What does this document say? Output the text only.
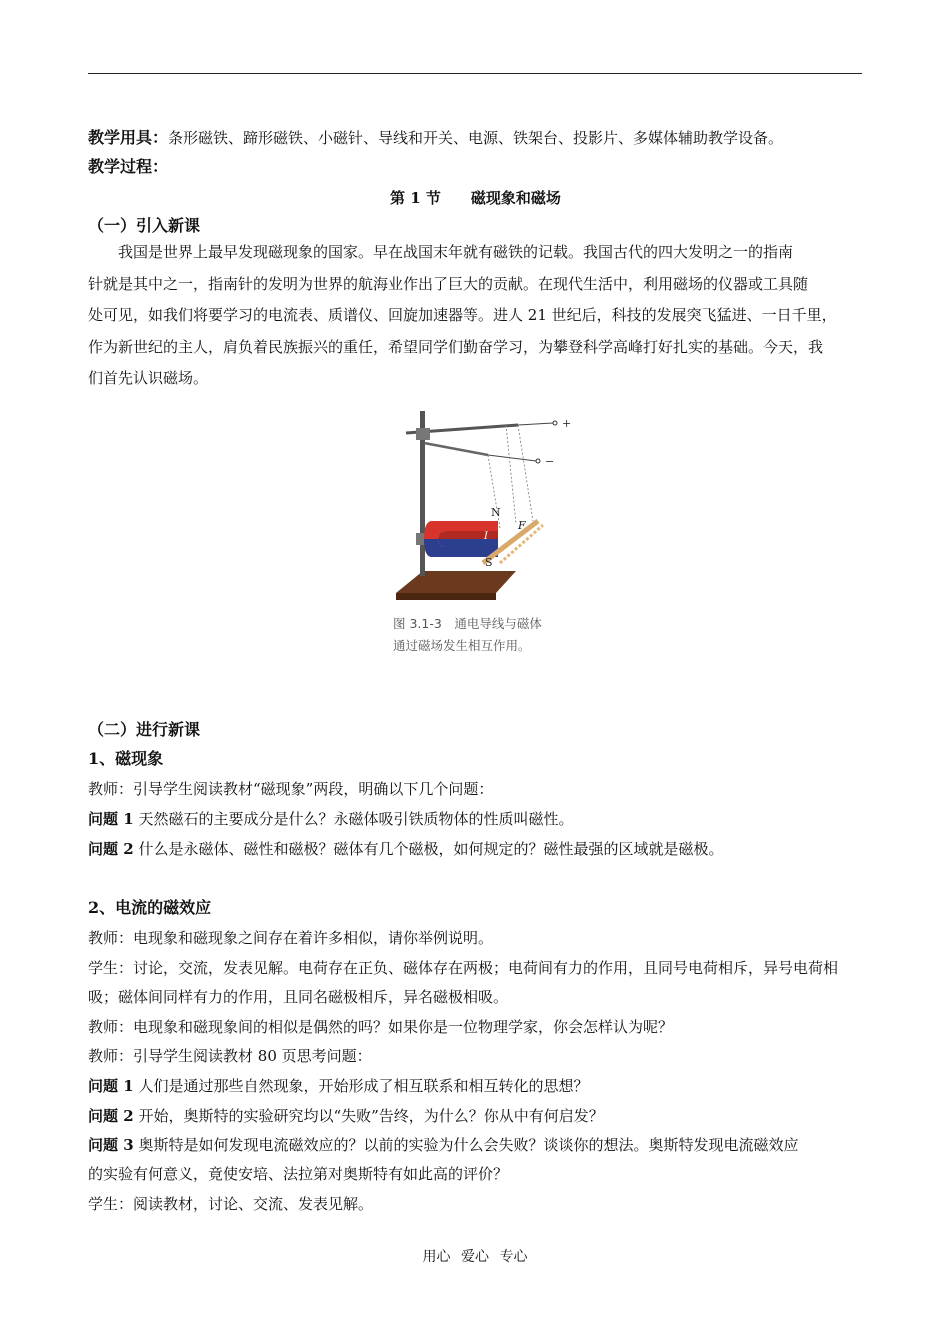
教学用具：条形磁铁、蹄形磁铁、小磁针、导线和开关、电源、铁架台、投影片、多媒体辅助教学设备。
教学过程：
第 1 节　　磁现象和磁场
（一）引入新课
我国是世界上最早发现磁现象的国家。早在战国末年就有磁铁的记载。我国古代的四大发明之一的指南
针就是其中之一，指南针的发明为世界的航海业作出了巨大的贡献。在现代生活中，利用磁场的仪器或工具随
处可见，如我们将要学习的电流表、质谱仪、回旋加速器等。进人 21 世纪后，科技的发展突飞猛进、一日千里，
作为新世纪的主人，肩负着民族振兴的重任，希望同学们勤奋学习，为攀登科学高峰打好扎实的基础。今天，我
们首先认识磁场。
+
−
N
S
F
I
图 3.1-3　通电导线与磁体
通过磁场发生相互作用。
（二）进行新课
1、磁现象
教师：引导学生阅读教材“磁现象”两段，明确以下几个问题：
问题 1 天然磁石的主要成分是什么？永磁体吸引铁质物体的性质叫磁性。
问题 2 什么是永磁体、磁性和磁极？磁体有几个磁极，如何规定的？磁性最强的区域就是磁极。
2、电流的磁效应
教师：电现象和磁现象之间存在着许多相似，请你举例说明。
学生：讨论，交流，发表见解。电荷存在正负、磁体存在两极；电荷间有力的作用，且同号电荷相斥，异号电荷相
吸；磁体间同样有力的作用，且同名磁极相斥，异名磁极相吸。
教师：电现象和磁现象间的相似是偶然的吗？如果你是一位物理学家，你会怎样认为呢？
教师：引导学生阅读教材 80 页思考问题：
问题 1 人们是通过那些自然现象，开始形成了相互联系和相互转化的思想？
问题 2 开始，奥斯特的实验研究均以“失败”告终，为什么？你从中有何启发？
问题 3 奥斯特是如何发现电流磁效应的？以前的实验为什么会失败？谈谈你的想法。奥斯特发现电流磁效应
的实验有何意义，竟使安培、法拉第对奥斯特有如此高的评价？
学生：阅读教材，讨论、交流、发表见解。
用心 爱心 专心
